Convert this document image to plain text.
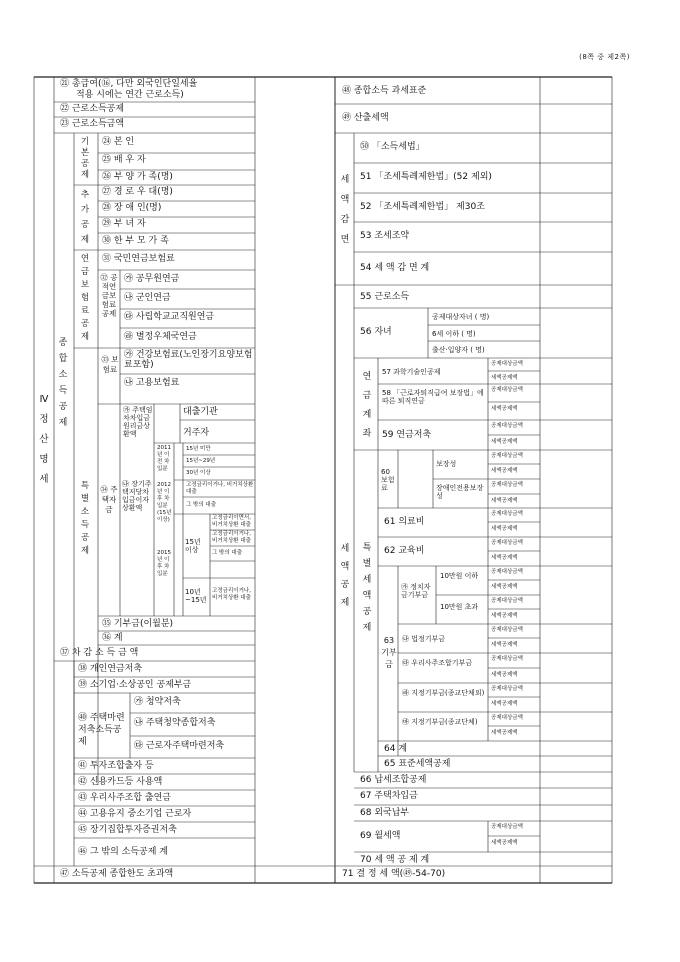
(8쪽 중 제2쪽)
Ⅳ 정 산 명 세
㉑ 총급여(⑯, 다만 외국인단일세율
적용 시에는 연간 근로소득)
㉒ 근로소득공제
㉓ 근로소득금액
종합소득공제
기본공제
㉔ 본 인
㉕ 배 우 자
㉖ 부 양 가 족(명)
추가공제
㉗ 경 로 우 대(명)
㉘ 장 애 인(명)
㉙ 부 녀 자
㉚ 한 부 모 가 족
연금보험료공제
㉛ 국민연금보험료
㉜ 공적연금보험료공제
㉮ 공무원연금
㉯ 군인연금
㉰ 사립학교교직원연금
㉱ 별정우체국연금
특별소득공제
㉝ 보험료
㉮ 건강보험료(노인장기요양보험료포함)
㉯ 고용보험료
㉞ 주택자금
㉮ 주택임차차입금원리금상환액
대출기관
거주자
㉯ 장기주택저당차입금이자상환액
2011년 이전 차입분
15년 미만
15년~29년
30년 이상
2012년 이후 차입분 (15년 이상)
고정금리이거나, 비거치상환 대출
그 밖의 대출
2015년 이후 차입분
15년 이상
고정금리이면서, 비거치상환 대출
고정금리이거나, 비거치상환 대출
그 밖의 대출
10년~15년
고정금리이거나, 비거치상환 대출
㉟ 기부금(이월분)
㊱ 계
㊲ 차 감 소 득 금 액
㊳ 개인연금저축
㊴ 소기업·소상공인 공제부금
㊵ 주택마련저축소득공제
㉮ 청약저축
㉯ 주택청약종합저축
㉰ 근로자주택마련저축
㊶ 투자조합출자 등
㊷ 신용카드등 사용액
㊸ 우리사주조합 출연금
㊹ 고용유지 중소기업 근로자
㊺ 장기집합투자증권저축
㊻ 그 밖의 소득공제 계
㊼ 소득공제 종합한도 초과액
㊽ 종합소득 과세표준
㊾ 산출세액
세액감면
㊿ 「소득세법」
51 「조세특례제한법」(52 제외)
52 「조세특례제한법」 제30조
53 조세조약
54 세 액 감 면 계
세액공제
55 근로소득
56 자녀
공제대상자녀 ( 명)
6세 이하 ( 명)
출산·입양자 ( 명)
연금계좌
57 과학기술인공제
58 「근로자퇴직급여 보장법」에 따른 퇴직연금
59 연금저축
특별세액공제
60 보험료
보장성
장애인전용보장성
61 의료비
62 교육비
63 기부금
㉮ 정치자금기부금
10만원 이하
10만원 초과
㉯ 법정기부금
㉰ 우리사주조합기부금
㉱ 지정기부금(종교단체외)
㉲ 지정기부금(종교단체)
64 계
65 표준세액공제
66 납세조합공제
67 주택차입금
68 외국납부
69 월세액
70 세 액 공 제 계
71 결 정 세 액(㊾-54-70)
공제대상금액
세액공제액
공제대상금액
세액공제액
공제대상금액
세액공제액
공제대상금액
세액공제액
공제대상금액
세액공제액
공제대상금액
세액공제액
공제대상금액
세액공제액
공제대상금액
세액공제액
공제대상금액
세액공제액
공제대상금액
세액공제액
공제대상금액
세액공제액
공제대상금액
세액공제액
공제대상금액
세액공제액
공제대상금액
세액공제액
